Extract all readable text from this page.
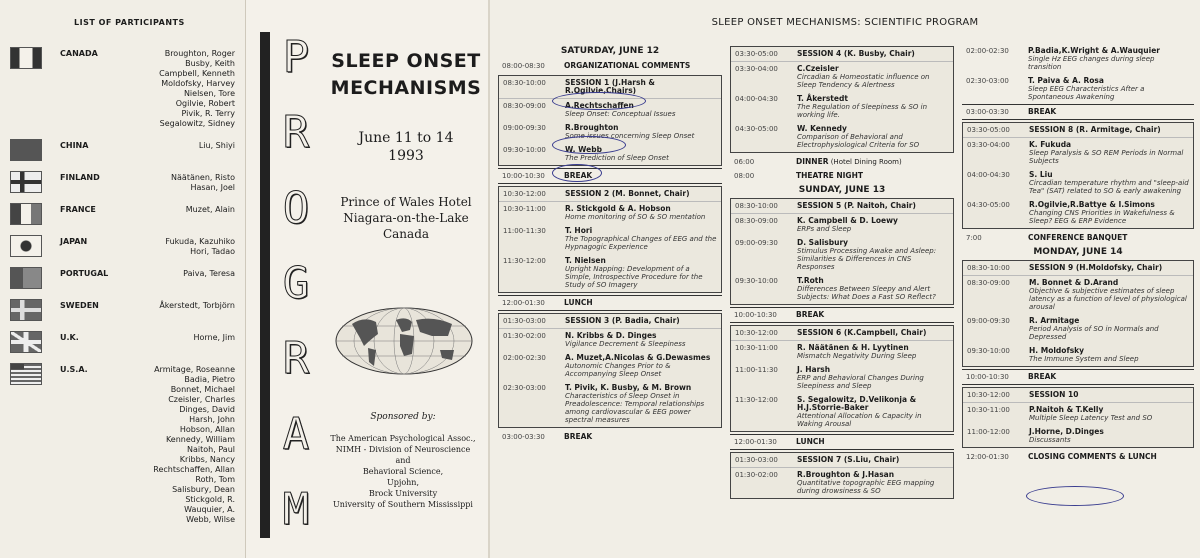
LIST OF PARTICIPANTS
CANADA	Broughton, Roger
Busby, Keith
Campbell, Kenneth
Moldofsky, Harvey
Nielsen, Tore
Ogilvie, Robert
Pivik, R. Terry
Segalowitz, Sidney
CHINA	Liu, Shiyi
FINLAND	Näätänen, Risto
Hasan, Joel
FRANCE	Muzet, Alain
JAPAN	Fukuda, Kazuhiko
Hori, Tadao
PORTUGAL	Paiva, Teresa
SWEDEN	Åkerstedt, Torbjörn
U.K.	Horne, Jim
U.S.A.	Armitage, Roseanne
Badia, Pietro
Bonnet, Michael
Czeisler, Charles
Dinges, David
Harsh, John
Hobson, Allan
Kennedy, William
Naitoh, Paul
Kribbs, Nancy
Rechtschaffen, Allan
Roth, Tom
Salisbury, Dean
Stickgold, R.
Wauquier, A.
Webb, Wilse
P
R
O
G
R
A
M
SLEEP ONSET
MECHANISMS
June 11 to 14
1993
Prince of Wales Hotel
Niagara-on-the-Lake
Canada
Sponsored by:
The American Psychological Assoc.,
NIMH - Division of Neuroscience and
Behavioral Science,
Upjohn,
Brock University
University of Southern Mississippi
SLEEP ONSET MECHANISMS: SCIENTIFIC PROGRAM
SATURDAY, JUNE 12
08:00-08:30	ORGANIZATIONAL COMMENTS
08:30-10:00	SESSION 1 (J.Harsh & R.Ogilvie,Chairs)
08:30-09:00	A.Rechtschaffen
Sleep Onset: Conceptual Issues
09:00-09:30	R.Broughton
Some issues concerning Sleep Onset
09:30-10:00	W. Webb
The Prediction of Sleep Onset
10:00-10:30	BREAK
10:30-12:00	SESSION 2 (M. Bonnet, Chair)
10:30-11:00	R. Stickgold & A. Hobson
Home monitoring of SO & SO mentation
11:00-11:30	T. Hori
The Topographical Changes of EEG and the Hypnagogic Experience
11:30-12:00	T. Nielsen
Upright Napping: Development of a Simple, Introspective Procedure for the Study of SO Imagery
12:00-01:30	LUNCH
01:30-03:00	SESSION 3 (P. Badia, Chair)
01:30-02:00	N. Kribbs & D. Dinges
Vigilance Decrement & Sleepiness
02:00-02:30	A. Muzet,A.Nicolas & G.Dewasmes
Autonomic Changes Prior to & Accompanying Sleep Onset
02:30-03:00	T. Pivik, K. Busby, & M. Brown
Characteristics of Sleep Onset in Preadolescence: Temporal relationships among cardiovascular & EEG power spectral measures
03:00-03:30	BREAK
03:30-05:00	SESSION 4 (K. Busby, Chair)
03:30-04:00	C.Czeisler
Circadian & Homeostatic influence on Sleep Tendency & Alertness
04:00-04:30	T. Åkerstedt
The Regulation of Sleepiness & SO in working life.
04:30-05:00	W. Kennedy
Comparison of Behavioral and Electrophysiological Criteria for SO
06:00	DINNER (Hotel Dining Room)
08:00	THEATRE NIGHT
SUNDAY, JUNE 13
08:30-10:00	SESSION 5 (P. Naitoh, Chair)
08:30-09:00	K. Campbell & D. Loewy
ERPs and Sleep
09:00-09:30	D. Salisbury
Stimulus Processing Awake and Asleep: Similarities & Differences in CNS Responses
09:30-10:00	T.Roth
Differences Between Sleepy and Alert Subjects: What Does a Fast SO Reflect?
10:00-10:30	BREAK
10:30-12:00	SESSION 6 (K.Campbell, Chair)
10:30-11:00	R. Näätänen & H. Lyytinen
Mismatch Negativity During Sleep
11:00-11:30	J. Harsh
ERP and Behavioral Changes During Sleepiness and Sleep
11:30-12:00	S. Segalowitz, D.Velikonja & H.J.Storrie-Baker
Attentional Allocation & Capacity in Waking Arousal
12:00-01:30	LUNCH
01:30-03:00	SESSION 7 (S.Liu, Chair)
01:30-02:00	R.Broughton & J.Hasan
Quantitative topographic EEG mapping during drowsiness & SO
02:00-02:30	P.Badia,K.Wright & A.Wauquier
Single Hz EEG changes during sleep transition
02:30-03:00	T. Paiva & A. Rosa
Sleep EEG Characteristics After a Spontaneous Awakening
03:00-03:30	BREAK
03:30-05:00	SESSION 8 (R. Armitage, Chair)
03:30-04:00	K. Fukuda
Sleep Paralysis & SO REM Periods in Normal Subjects
04:00-04:30	S. Liu
Circadian temperature rhythm and "sleep-aid Tea" (SAT) related to SO & early awakening
04:30-05:00	R.Ogilvie,R.Battye & I.Simons
Changing CNS Priorities in Wakefulness & Sleep? EEG & ERP Evidence
7:00	CONFERENCE BANQUET
MONDAY, JUNE 14
08:30-10:00	SESSION 9 (H.Moldofsky, Chair)
08:30-09:00	M. Bonnet & D.Arand
Objective & subjective estimates of sleep latency as a function of level of physiological arousal
09:00-09:30	R. Armitage
Period Analysis of SO in Normals and Depressed
09:30-10:00	H. Moldofsky
The Immune System and Sleep
10:00-10:30	BREAK
10:30-12:00	SESSION 10
10:30-11:00	P.Naitoh & T.Kelly
Multiple Sleep Latency Test and SO
11:00-12:00	J.Horne, D.Dinges
Discussants
12:00-01:30	CLOSING COMMENTS & LUNCH
